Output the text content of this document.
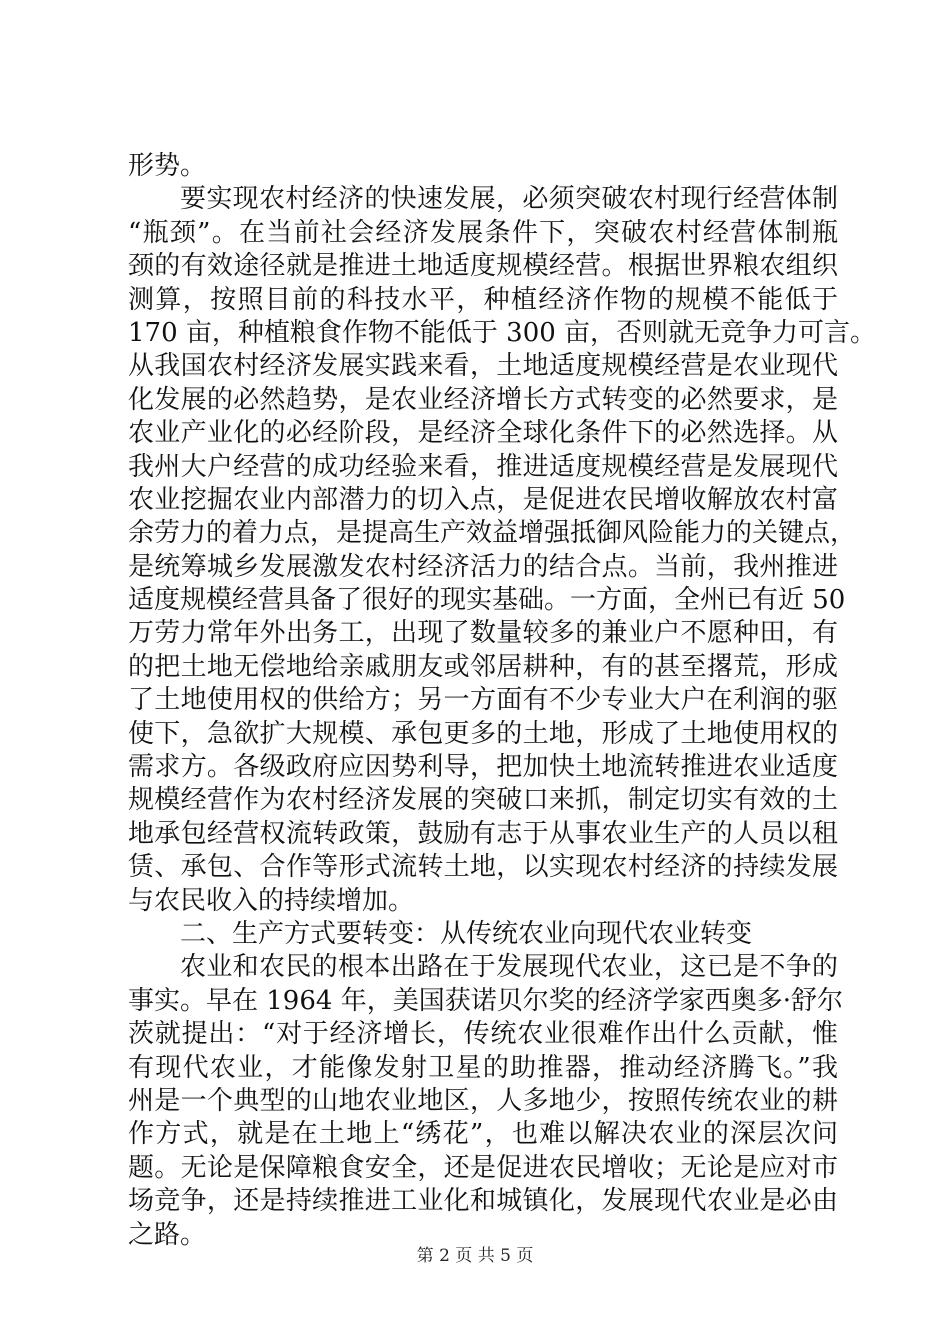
形势。
要实现农村经济的快速发展，必须突破农村现行经营体制
“瓶颈”。在当前社会经济发展条件下，突破农村经营体制瓶
颈的有效途径就是推进土地适度规模经营。根据世界粮农组织
测算，按照目前的科技水平，种植经济作物的规模不能低于
170 亩，种植粮食作物不能低于 300 亩，否则就无竞争力可言。
从我国农村经济发展实践来看，土地适度规模经营是农业现代
化发展的必然趋势，是农业经济增长方式转变的必然要求，是
农业产业化的必经阶段，是经济全球化条件下的必然选择。从
我州大户经营的成功经验来看，推进适度规模经营是发展现代
农业挖掘农业内部潜力的切入点，是促进农民增收解放农村富
余劳力的着力点，是提高生产效益增强抵御风险能力的关键点，
是统筹城乡发展激发农村经济活力的结合点。当前，我州推进
适度规模经营具备了很好的现实基础。一方面，全州已有近 50
万劳力常年外出务工，出现了数量较多的兼业户不愿种田，有
的把土地无偿地给亲戚朋友或邻居耕种，有的甚至撂荒，形成
了土地使用权的供给方；另一方面有不少专业大户在利润的驱
使下，急欲扩大规模、承包更多的土地，形成了土地使用权的
需求方。各级政府应因势利导，把加快土地流转推进农业适度
规模经营作为农村经济发展的突破口来抓，制定切实有效的土
地承包经营权流转政策，鼓励有志于从事农业生产的人员以租
赁、承包、合作等形式流转土地，以实现农村经济的持续发展
与农民收入的持续增加。
二、生产方式要转变：从传统农业向现代农业转变
农业和农民的根本出路在于发展现代农业，这已是不争的
事实。早在 1964 年，美国获诺贝尔奖的经济学家西奥多·舒尔
茨就提出：“对于经济增长，传统农业很难作出什么贡献，惟
有现代农业，才能像发射卫星的助推器，推动经济腾飞。”我
州是一个典型的山地农业地区，人多地少，按照传统农业的耕
作方式，就是在土地上“绣花”，也难以解决农业的深层次问
题。无论是保障粮食安全，还是促进农民增收；无论是应对市
场竞争，还是持续推进工业化和城镇化，发展现代农业是必由
之路。
第 2 页 共 5 页
